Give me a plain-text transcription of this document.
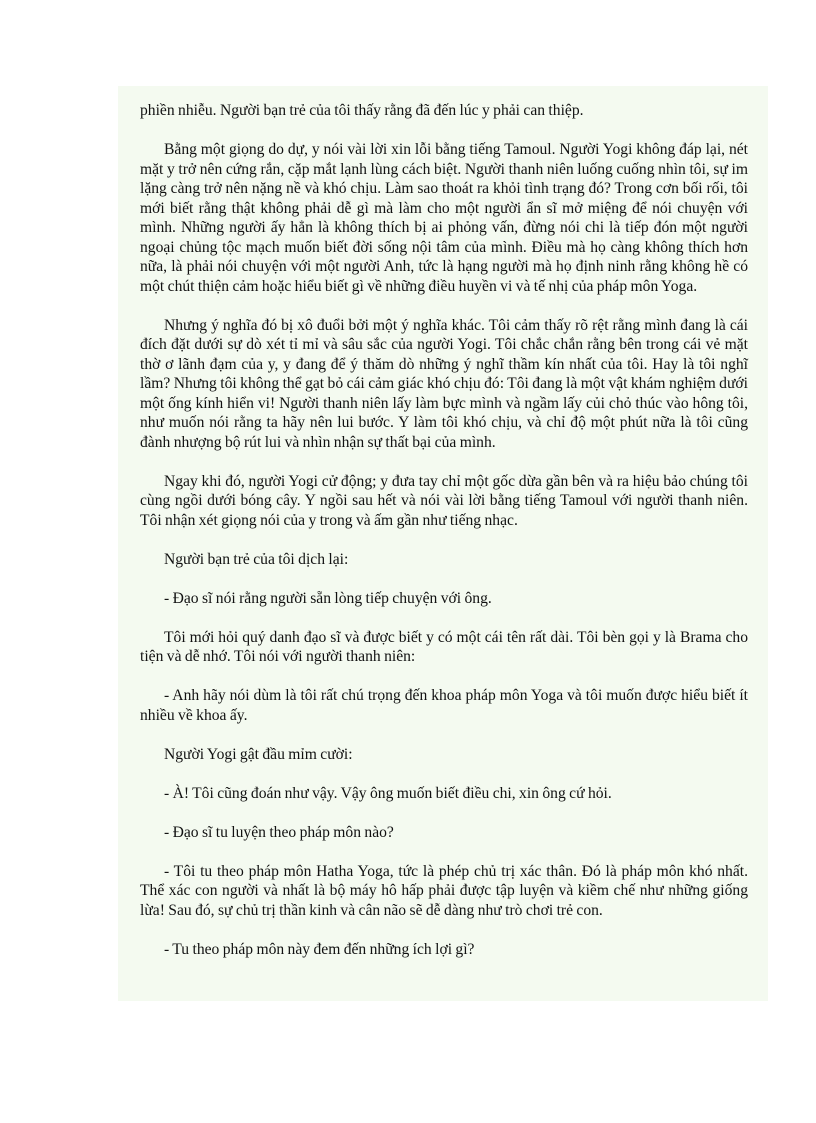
phiền nhiễu. Người bạn trẻ của tôi thấy rằng đã đến lúc y phải can thiệp.

Bằng một giọng do dự, y nói vài lời xin lỗi bằng tiếng Tamoul. Người Yogi không đáp lại, nét mặt y trở nên cứng rắn, cặp mắt lạnh lùng cách biệt. Người thanh niên luống cuống nhìn tôi, sự im lặng càng trở nên nặng nề và khó chịu. Làm sao thoát ra khỏi tình trạng đó? Trong cơn bối rối, tôi mới biết rằng thật không phải dễ gì mà làm cho một người ẩn sĩ mở miệng để nói chuyện với mình. Những người ấy hẳn là không thích bị ai phỏng vấn, đừng nói chi là tiếp đón một người ngoại chủng tộc mạch muốn biết đời sống nội tâm của mình. Điều mà họ càng không thích hơn nữa, là phải nói chuyện với một người Anh, tức là hạng người mà họ định ninh rằng không hề có một chút thiện cảm hoặc hiểu biết gì về những điều huyền vi và tế nhị của pháp môn Yoga.

Nhưng ý nghĩa đó bị xô đuổi bởi một ý nghĩa khác. Tôi cảm thấy rõ rệt rằng mình đang là cái đích đặt dưới sự dò xét tỉ mỉ và sâu sắc của người Yogi. Tôi chắc chắn rằng bên trong cái vẻ mặt thờ ơ lãnh đạm của y, y đang để ý thăm dò những ý nghĩ thầm kín nhất của tôi. Hay là tôi nghĩ lầm? Nhưng tôi không thể gạt bỏ cái cảm giác khó chịu đó: Tôi đang là một vật khám nghiệm dưới một ống kính hiển vi! Người thanh niên lấy làm bực mình và ngầm lấy củi chỏ thúc vào hông tôi, như muốn nói rằng ta hãy nên lui bước. Y làm tôi khó chịu, và chỉ độ một phút nữa là tôi cũng đành nhượng bộ rút lui và nhìn nhận sự thất bại của mình.

Ngay khi đó, người Yogi cử động; y đưa tay chỉ một gốc dừa gần bên và ra hiệu bảo chúng tôi cùng ngồi dưới bóng cây. Y ngồi sau hết và nói vài lời bằng tiếng Tamoul với người thanh niên. Tôi nhận xét giọng nói của y trong và ấm gần như tiếng nhạc.

Người bạn trẻ của tôi dịch lại:

- Đạo sĩ nói rằng người sẵn lòng tiếp chuyện với ông.

Tôi mới hỏi quý danh đạo sĩ và được biết y có một cái tên rất dài. Tôi bèn gọi y là Brama cho tiện và dễ nhớ. Tôi nói với người thanh niên:

- Anh hãy nói dùm là tôi rất chú trọng đến khoa pháp môn Yoga và tôi muốn được hiểu biết ít nhiều về khoa ấy.

Người Yogi gật đầu mỉm cười:

- À! Tôi cũng đoán như vậy. Vậy ông muốn biết điều chi, xin ông cứ hỏi.

- Đạo sĩ tu luyện theo pháp môn nào?

- Tôi tu theo pháp môn Hatha Yoga, tức là phép chủ trị xác thân. Đó là pháp môn khó nhất. Thể xác con người và nhất là bộ máy hô hấp phải được tập luyện và kiềm chế như những giống lừa! Sau đó, sự chủ trị thần kinh và cân não sẽ dễ dàng như trò chơi trẻ con.

- Tu theo pháp môn này đem đến những ích lợi gì?
